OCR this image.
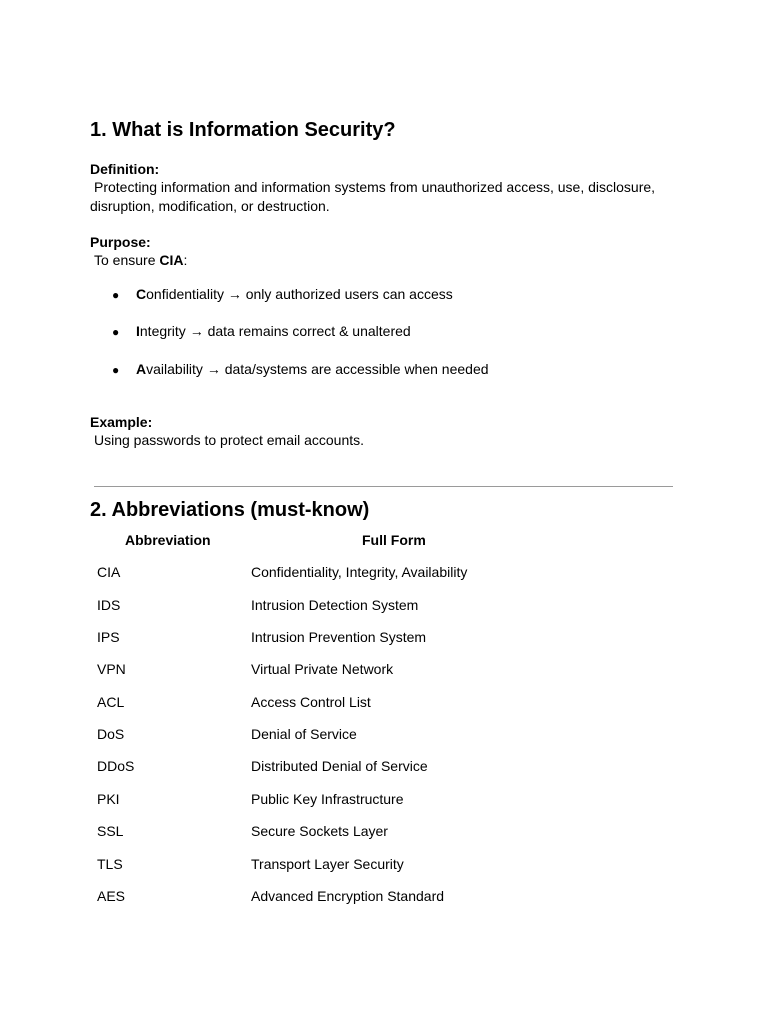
1. What is Information Security?
Definition:
Protecting information and information systems from unauthorized access, use, disclosure, disruption, modification, or destruction.
Purpose:
To ensure CIA:
● Confidentiality → only authorized users can access
● Integrity → data remains correct & unaltered
● Availability → data/systems are accessible when needed
Example:
Using passwords to protect email accounts.
2. Abbreviations (must-know)
Abbreviation	Full Form
CIA	Confidentiality, Integrity, Availability
IDS	Intrusion Detection System
IPS	Intrusion Prevention System
VPN	Virtual Private Network
ACL	Access Control List
DoS	Denial of Service
DDoS	Distributed Denial of Service
PKI	Public Key Infrastructure
SSL	Secure Sockets Layer
TLS	Transport Layer Security
AES	Advanced Encryption Standard
